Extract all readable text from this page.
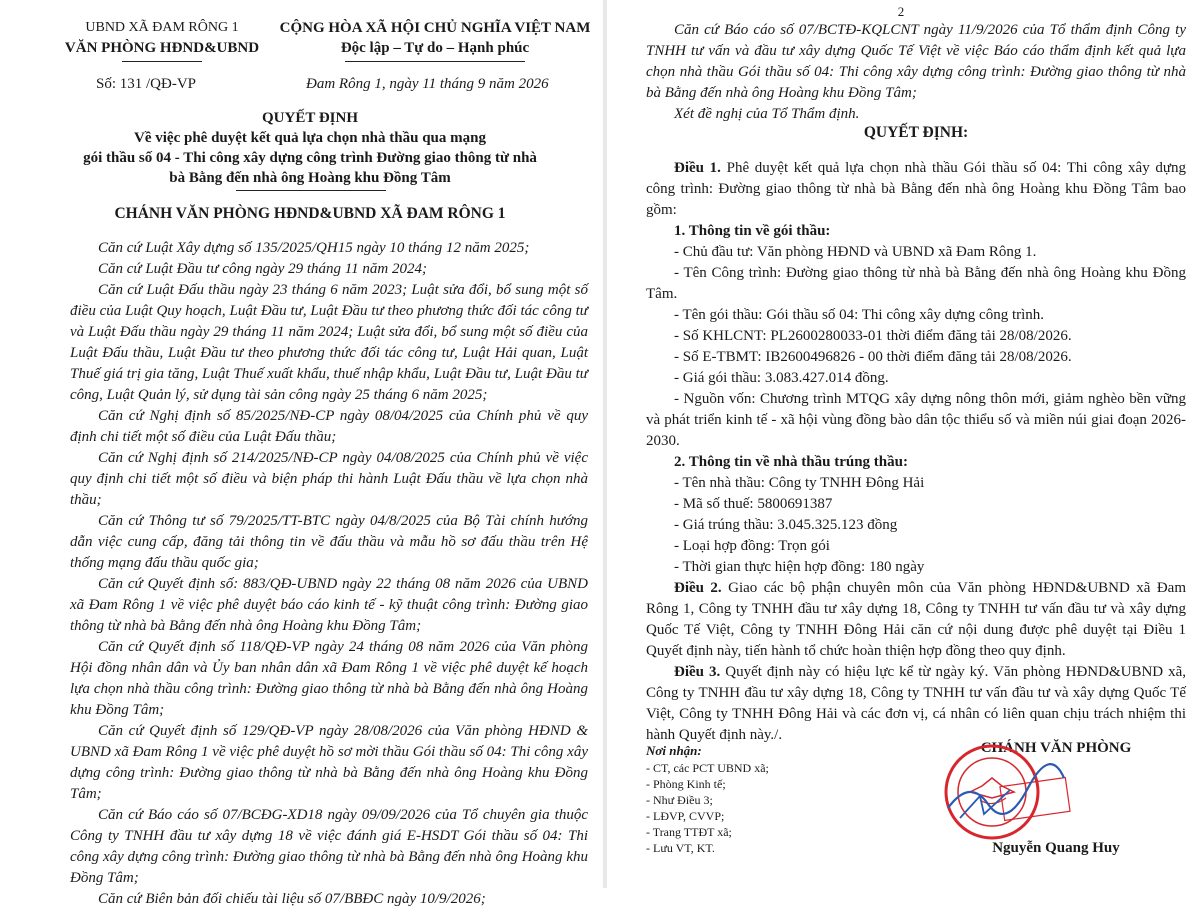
UBND XÃ ĐAM RÔNG 1
VĂN PHÒNG HĐND&UBND
CỘNG HÒA XÃ HỘI CHỦ NGHĨA VIỆT NAM
Độc lập – Tự do – Hạnh phúc
Số: 131 /QĐ-VP	Đam Rông 1, ngày 11 tháng 9 năm 2026
QUYẾT ĐỊNH
Về việc phê duyệt kết quả lựa chọn nhà thầu qua mạng
gói thầu số 04 - Thi công xây dựng công trình Đường giao thông từ nhà
bà Bằng đến nhà ông Hoàng khu Đồng Tâm
CHÁNH VĂN PHÒNG HĐND&UBND XÃ ĐAM RÔNG 1

Căn cứ Luật Xây dựng số 135/2025/QH15 ngày 10 tháng 12 năm 2025;

Căn cứ Luật Đầu tư công ngày 29 tháng 11 năm 2024;

Căn cứ Luật Đấu thầu ngày 23 tháng 6 năm 2023; Luật sửa đổi, bổ sung một số điều của Luật Quy hoạch, Luật Đầu tư, Luật Đầu tư theo phương thức đối tác công tư và Luật Đấu thầu ngày 29 tháng 11 năm 2024; Luật sửa đổi, bổ sung một số điều của Luật Đấu thầu, Luật Đầu tư theo phương thức đối tác công tư, Luật Hải quan, Luật Thuế giá trị gia tăng, Luật Thuế xuất khẩu, thuế nhập khẩu, Luật Đầu tư, Luật Đầu tư công, Luật Quản lý, sử dụng tài sản công ngày 25 tháng 6 năm 2025;

Căn cứ Nghị định số 85/2025/NĐ-CP ngày 08/04/2025 của Chính phủ về quy định chi tiết một số điều của Luật Đấu thầu;

Căn cứ Nghị định số 214/2025/NĐ-CP ngày 04/08/2025 của Chính phủ về việc quy định chi tiết một số điều và biện pháp thi hành Luật Đấu thầu về lựa chọn nhà thầu;

Căn cứ Thông tư số 79/2025/TT-BTC ngày 04/8/2025 của Bộ Tài chính hướng dẫn việc cung cấp, đăng tải thông tin về đấu thầu và mẫu hồ sơ đấu thầu trên Hệ thống mạng đấu thầu quốc gia;

Căn cứ Quyết định số: 883/QĐ-UBND ngày 22 tháng 08 năm 2026 của UBND xã Đam Rông 1 về việc phê duyệt báo cáo kinh tế - kỹ thuật công trình: Đường giao thông từ nhà bà Bằng đến nhà ông Hoàng khu Đồng Tâm;

Căn cứ Quyết định số 118/QĐ-VP ngày 24 tháng 08 năm 2026 của Văn phòng Hội đồng nhân dân và Ủy ban nhân dân xã Đam Rông 1 về việc phê duyệt kế hoạch lựa chọn nhà thầu công trình: Đường giao thông từ nhà bà Bằng đến nhà ông Hoàng khu Đồng Tâm;

Căn cứ Quyết định số 129/QĐ-VP ngày 28/08/2026 của Văn phòng HĐND & UBND xã Đam Rông 1 về việc phê duyệt hồ sơ mời thầu Gói thầu số 04: Thi công xây dựng công trình: Đường giao thông từ nhà bà Bằng đến nhà ông Hoàng khu Đồng Tâm;

Căn cứ Báo cáo số 07/BCĐG-XD18 ngày 09/09/2026 của Tổ chuyên gia thuộc Công ty TNHH đầu tư xây dựng 18 về việc đánh giá E-HSDT Gói thầu số 04: Thi công xây dựng công trình: Đường giao thông từ nhà bà Bằng đến nhà ông Hoàng khu Đồng Tâm;

Căn cứ Biên bản đối chiếu tài liệu số 07/BBĐC ngày 10/9/2026;

2

Căn cứ Báo cáo số 07/BCTĐ-KQLCNT ngày 11/9/2026 của Tổ thẩm định Công ty TNHH tư vấn và đầu tư xây dựng Quốc Tế Việt về việc Báo cáo thẩm định kết quả lựa chọn nhà thầu Gói thầu số 04: Thi công xây dựng công trình: Đường giao thông từ nhà bà Bằng đến nhà ông Hoàng khu Đồng Tâm;

Xét đề nghị của Tổ Thẩm định.

QUYẾT ĐỊNH:

Điều 1. Phê duyệt kết quả lựa chọn nhà thầu Gói thầu số 04: Thi công xây dựng công trình: Đường giao thông từ nhà bà Bằng đến nhà ông Hoàng khu Đồng Tâm bao gồm:

1. Thông tin về gói thầu:

- Chủ đầu tư: Văn phòng HĐND và UBND xã Đam Rông 1.

- Tên Công trình: Đường giao thông từ nhà bà Bằng đến nhà ông Hoàng khu Đồng Tâm.

- Tên gói thầu: Gói thầu số 04: Thi công xây dựng công trình.

- Số KHLCNT: PL2600280033-01 thời điểm đăng tải 28/08/2026.

- Số E-TBMT: IB2600496826 - 00 thời điểm đăng tải 28/08/2026.

- Giá gói thầu: 3.083.427.014 đồng.

- Nguồn vốn: Chương trình MTQG xây dựng nông thôn mới, giảm nghèo bền vững và phát triển kinh tế - xã hội vùng đồng bào dân tộc thiểu số và miền núi giai đoạn 2026-2030.

2. Thông tin về nhà thầu trúng thầu:

- Tên nhà thầu: Công ty TNHH Đông Hải

- Mã số thuế: 5800691387

- Giá trúng thầu: 3.045.325.123 đồng

- Loại hợp đồng: Trọn gói

- Thời gian thực hiện hợp đồng: 180 ngày

Điều 2. Giao các bộ phận chuyên môn của Văn phòng HĐND&UBND xã Đam Rông 1, Công ty TNHH đầu tư xây dựng 18, Công ty TNHH tư vấn đầu tư và xây dựng Quốc Tế Việt, Công ty TNHH Đông Hải căn cứ nội dung được phê duyệt tại Điều 1 Quyết định này, tiến hành tổ chức hoàn thiện hợp đồng theo quy định.

Điều 3. Quyết định này có hiệu lực kể từ ngày ký. Văn phòng HĐND&UBND xã, Công ty TNHH đầu tư xây dựng 18, Công ty TNHH tư vấn đầu tư và xây dựng Quốc Tế Việt, Công ty TNHH Đông Hải và các đơn vị, cá nhân có liên quan chịu trách nhiệm thi hành Quyết định này./.

Nơi nhận:
- CT, các PCT UBND xã;
- Phòng Kinh tế;
- Như Điều 3;
- LĐVP, CVVP;
- Trang TTĐT xã;
- Lưu VT, KT.
CHÁNH VĂN PHÒNG
Nguyễn Quang Huy
